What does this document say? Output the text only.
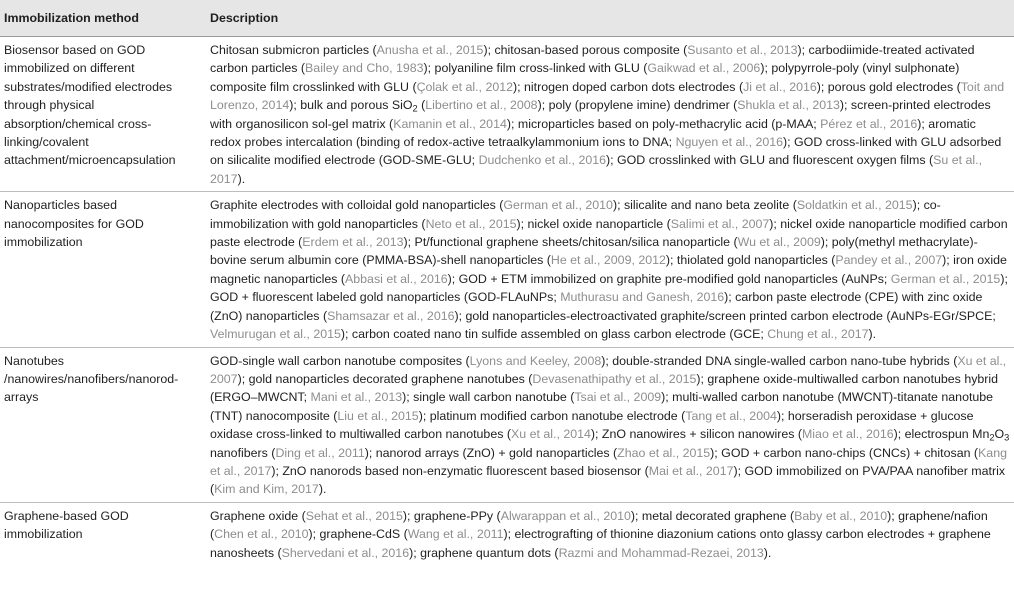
Immobilization method	Description
Biosensor based on GOD immobilized on different substrates/modified electrodes through physical absorption/chemical cross-linking/covalent attachment/microencapsulation	Chitosan submicron particles (Anusha et al., 2015); chitosan-based porous composite (Susanto et al., 2013); carbodiimide-treated activated carbon particles (Bailey and Cho, 1983); polyaniline film cross-linked with GLU (Gaikwad et al., 2006); polypyrrole-poly (vinyl sulphonate) composite film crosslinked with GLU (Çolak et al., 2012); nitrogen doped carbon dots electrodes (Ji et al., 2016); porous gold electrodes (Toit and Lorenzo, 2014); bulk and porous SiO$_2$ (Libertino et al., 2008); poly (propylene imine) dendrimer (Shukla et al., 2013); screen-printed electrodes with organosilicon sol-gel matrix (Kamanin et al., 2014); microparticles based on poly-methacrylic acid (p-MAA; Pérez et al., 2016); aromatic redox probes intercalation (binding of redox-active tetraalkylammonium ions to DNA; Nguyen et al., 2016); GOD cross-linked with GLU adsorbed on silicalite modified electrode (GOD-SME-GLU; Dudchenko et al., 2016); GOD crosslinked with GLU and fluorescent oxygen films (Su et al., 2017).
Nanoparticles based nanocomposites for GOD immobilization	Graphite electrodes with colloidal gold nanoparticles (German et al., 2010); silicalite and nano beta zeolite (Soldatkin et al., 2015); co-immobilization with gold nanoparticles (Neto et al., 2015); nickel oxide nanoparticle (Salimi et al., 2007); nickel oxide nanoparticle modified carbon paste electrode (Erdem et al., 2013); Pt/functional graphene sheets/chitosan/silica nanoparticle (Wu et al., 2009); poly(methyl methacrylate)-bovine serum albumin core (PMMA-BSA)-shell nanoparticles (He et al., 2009, 2012); thiolated gold nanoparticles (Pandey et al., 2007); iron oxide magnetic nanoparticles (Abbasi et al., 2016); GOD + ETM immobilized on graphite pre-modified gold nanoparticles (AuNPs; German et al., 2015); GOD + fluorescent labeled gold nanoparticles (GOD-FLAuNPs; Muthurasu and Ganesh, 2016); carbon paste electrode (CPE) with zinc oxide (ZnO) nanoparticles (Shamsazar et al., 2016); gold nanoparticles-electroactivated graphite/screen printed carbon electrode (AuNPs-EGr/SPCE; Velmurugan et al., 2015); carbon coated nano tin sulfide assembled on glass carbon electrode (GCE; Chung et al., 2017).
Nanotubes /nanowires/nanofibers/nanorod-arrays	GOD-single wall carbon nanotube composites (Lyons and Keeley, 2008); double-stranded DNA single-walled carbon nano-tube hybrids (Xu et al., 2007); gold nanoparticles decorated graphene nanotubes (Devasenathipathy et al., 2015); graphene oxide-multiwalled carbon nanotubes hybrid (ERGO–MWCNT; Mani et al., 2013); single wall carbon nanotube (Tsai et al., 2009); multi-walled carbon nanotube (MWCNT)-titanate nanotube (TNT) nanocomposite (Liu et al., 2015); platinum modified carbon nanotube electrode (Tang et al., 2004); horseradish peroxidase + glucose oxidase cross-linked to multiwalled carbon nanotubes (Xu et al., 2014); ZnO nanowires + silicon nanowires (Miao et al., 2016); electrospun $Mn_2O_3$ nanofibers (Ding et al., 2011); nanorod arrays (ZnO) + gold nanoparticles (Zhao et al., 2015); GOD + carbon nano-chips (CNCs) + chitosan (Kang et al., 2017); ZnO nanorods based non-enzymatic fluorescent based biosensor (Mai et al., 2017); GOD immobilized on PVA/PAA nanofiber matrix (Kim and Kim, 2017).
Graphene-based GOD immobilization	Graphene oxide (Sehat et al., 2015); graphene-PPy (Alwarappan et al., 2010); metal decorated graphene (Baby et al., 2010); graphene/nafion (Chen et al., 2010); graphene-CdS (Wang et al., 2011); electrografting of thionine diazonium cations onto glassy carbon electrodes + graphene nanosheets (Shervedani et al., 2016); graphene quantum dots (Razmi and Mohammad-Rezaei, 2013).
